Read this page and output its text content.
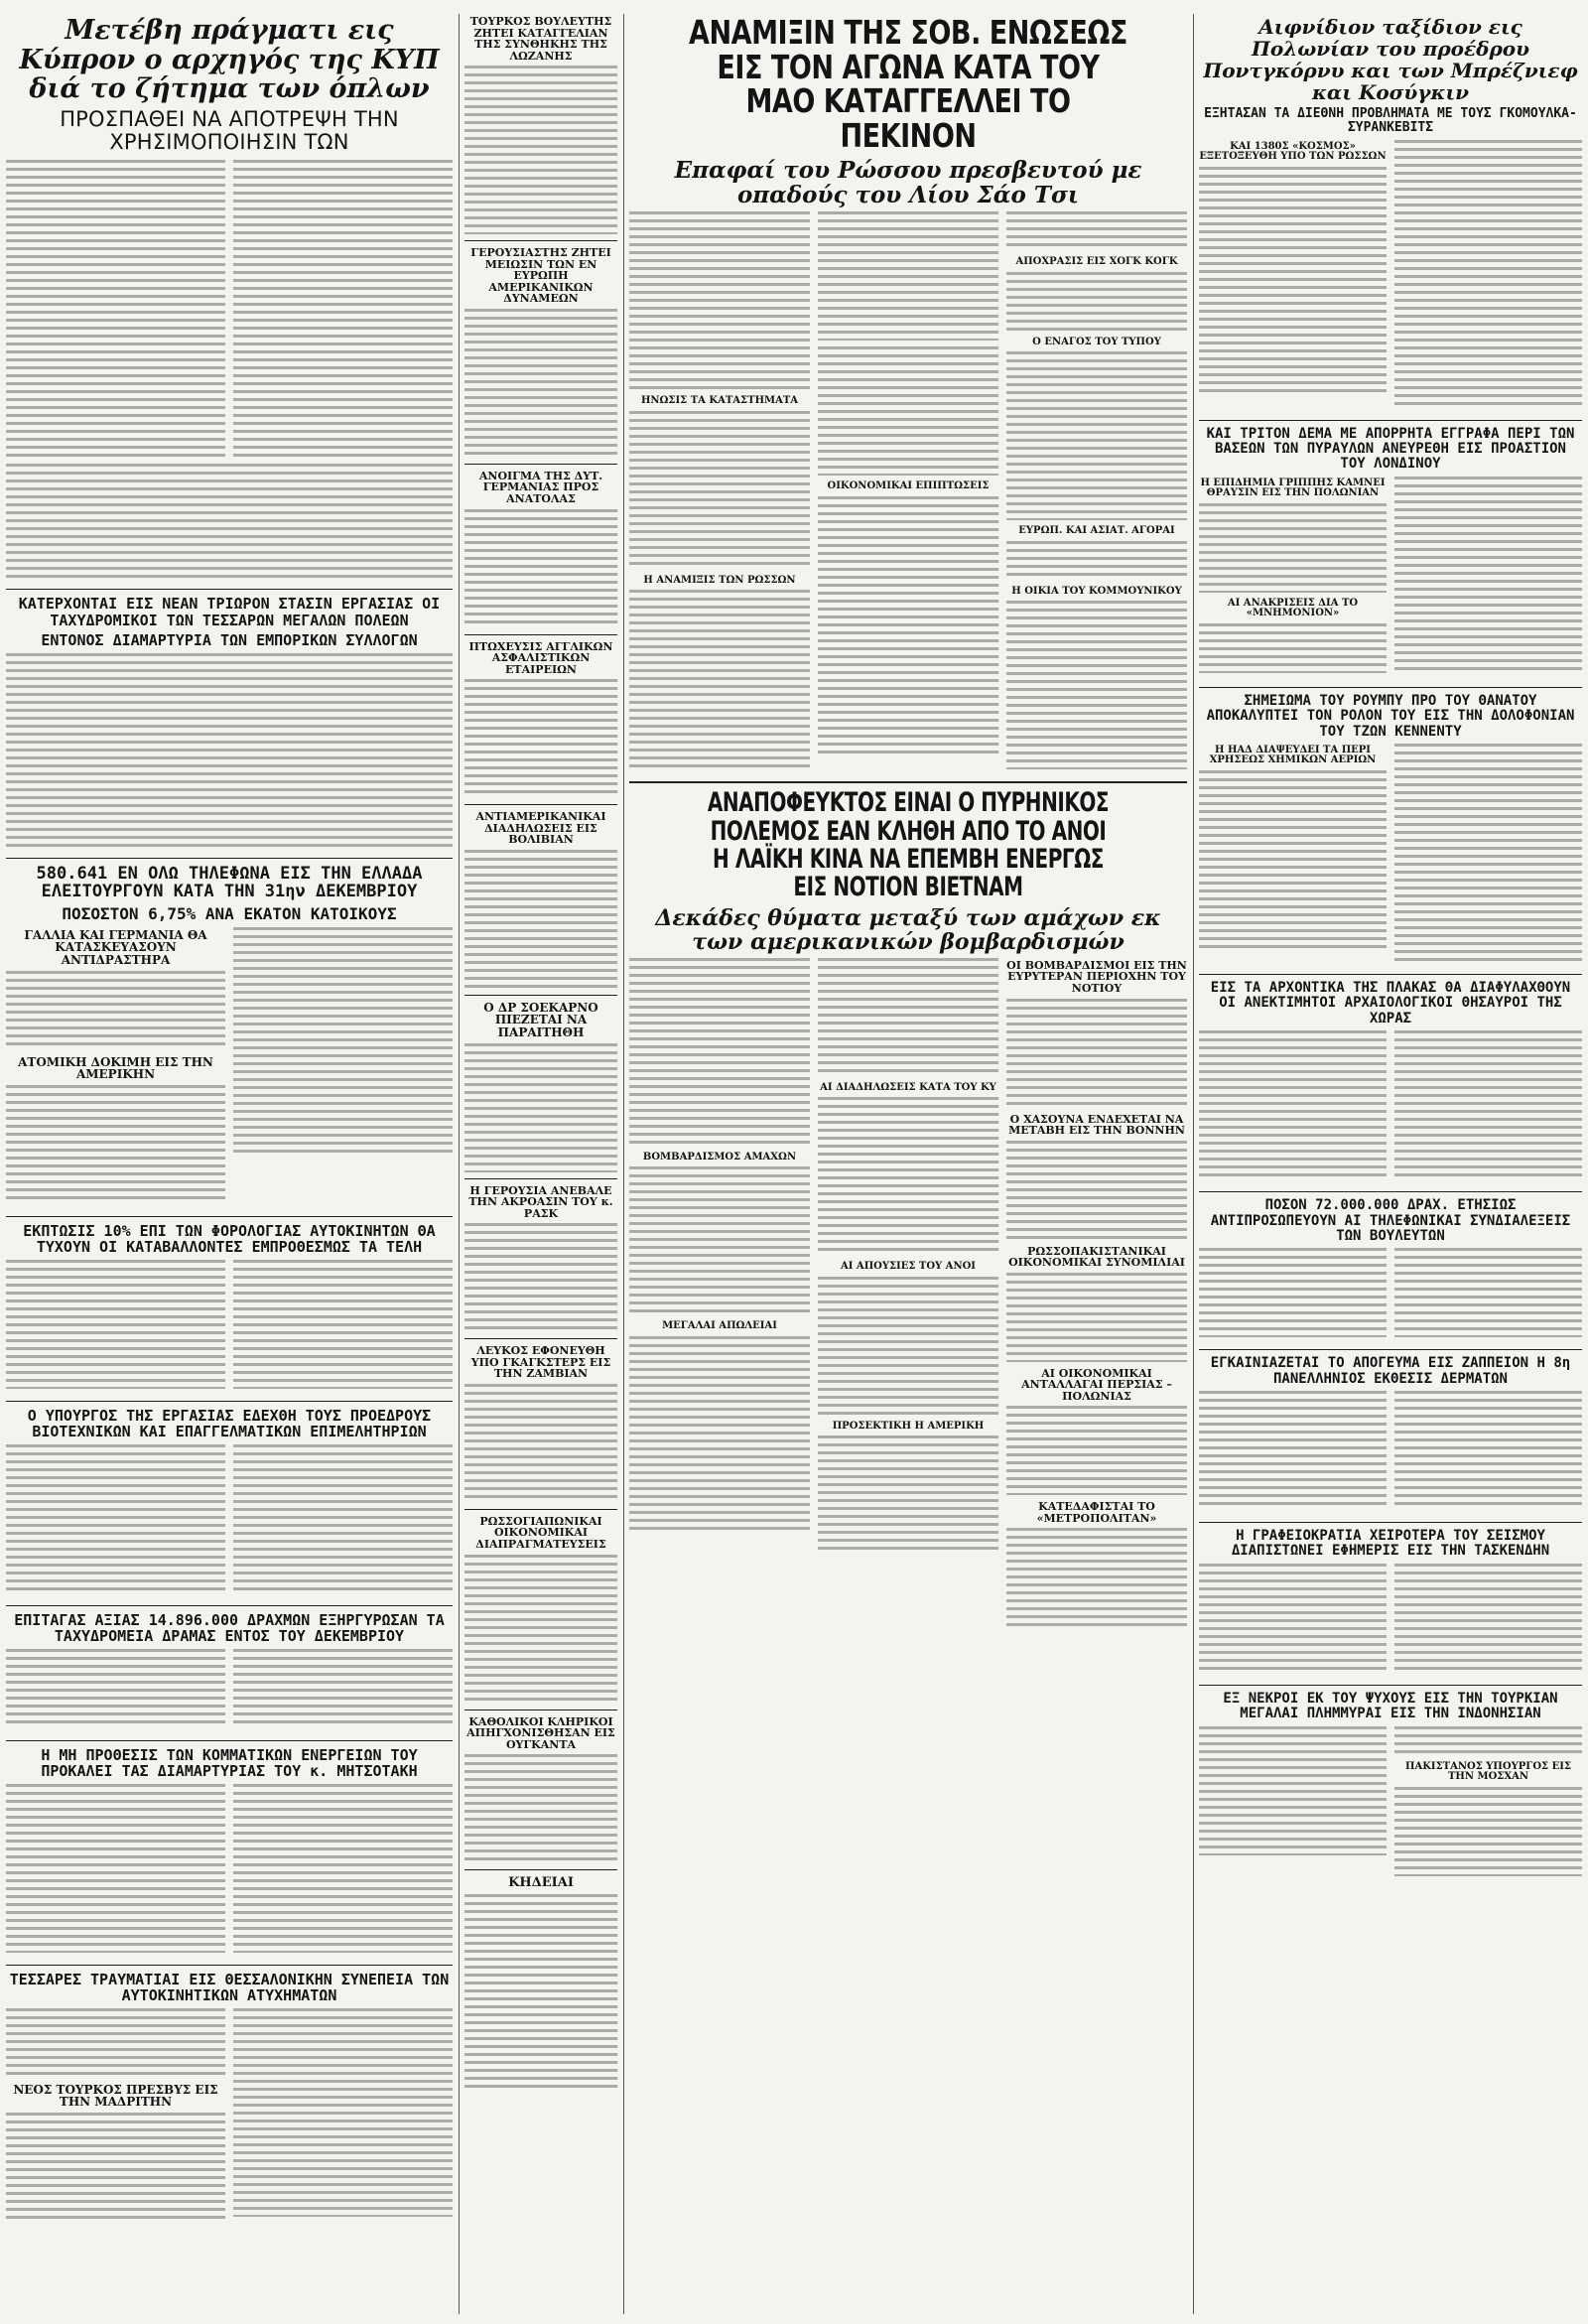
Μετέβη πράγματι εις Κύπρον ο αρχηγός της ΚΥΠ διά το ζήτημα των όπλων
ΠΡΟΣΠΑΘΕΙ ΝΑ ΑΠΟΤΡΕΨΗ ΤΗΝ ΧΡΗΣΙΜΟΠΟΙΗΣΙΝ ΤΩΝ
ΚΑΤΕΡΧΟΝΤΑΙ ΕΙΣ ΝΕΑΝ ΤΡΙΩΡΟΝ ΣΤΑΣΙΝ ΕΡΓΑΣΙΑΣ ΟΙ ΤΑΧΥΔΡΟΜΙΚΟΙ ΤΩΝ ΤΕΣΣΑΡΩΝ ΜΕΓΑΛΩΝ ΠΟΛΕΩΝ
ΕΝΤΟΝΟΣ ΔΙΑΜΑΡΤΥΡΙΑ ΤΩΝ ΕΜΠΟΡΙΚΩΝ ΣΥΛΛΟΓΩΝ
580.641 ΕΝ ΟΛΩ ΤΗΛΕΦΩΝΑ ΕΙΣ ΤΗΝ ΕΛΛΑΔΑ ΕΛΕΙΤΟΥΡΓΟΥΝ ΚΑΤΑ ΤΗΝ 31ην ΔΕΚΕΜΒΡΙΟΥ
ΠΟΣΟΣΤΟΝ 6,75% ΑΝΑ ΕΚΑΤΟΝ ΚΑΤΟΙΚΟΥΣ
ΓΑΛΛΙΑ ΚΑΙ ΓΕΡΜΑΝΙΑ ΘΑ ΚΑΤΑΣΚΕΥΑΣΟΥΝ ΑΝΤΙΔΡΑΣΤΗΡΑ
ΑΤΟΜΙΚΗ ΔΟΚΙΜΗ ΕΙΣ ΤΗΝ ΑΜΕΡΙΚΗΝ
ΕΚΠΤΩΣΙΣ 10% ΕΠΙ ΤΩΝ ΦΟΡΟΛΟΓΙΑΣ ΑΥΤΟΚΙΝΗΤΩΝ ΘΑ ΤΥΧΟΥΝ ΟΙ ΚΑΤΑΒΑΛΛΟΝΤΕΣ ΕΜΠΡΟΘΕΣΜΩΣ ΤΑ ΤΕΛΗ
Ο ΥΠΟΥΡΓΟΣ ΤΗΣ ΕΡΓΑΣΙΑΣ ΕΔΕΧΘΗ ΤΟΥΣ ΠΡΟΕΔΡΟΥΣ ΒΙΟΤΕΧΝΙΚΩΝ ΚΑΙ ΕΠΑΓΓΕΛΜΑΤΙΚΩΝ ΕΠΙΜΕΛΗΤΗΡΙΩΝ
ΕΠΙΤΑΓΑΣ ΑΞΙΑΣ 14.896.000 ΔΡΑΧΜΩΝ ΕΞΗΡΓΥΡΩΣΑΝ ΤΑ ΤΑΧΥΔΡΟΜΕΙΑ ΔΡΑΜΑΣ ΕΝΤΟΣ ΤΟΥ ΔΕΚΕΜΒΡΙΟΥ
Η ΜΗ ΠΡΟΘΕΣΙΣ ΤΩΝ ΚΟΜΜΑΤΙΚΩΝ ΕΝΕΡΓΕΙΩΝ ΤΟΥ ΠΡΟΚΑΛΕΙ ΤΑΣ ΔΙΑΜΑΡΤΥΡΙΑΣ ΤΟΥ κ. ΜΗΤΣΟΤΑΚΗ
ΤΕΣΣΑΡΕΣ ΤΡΑΥΜΑΤΙΑΙ ΕΙΣ ΘΕΣΣΑΛΟΝΙΚΗΝ ΣΥΝΕΠΕΙΑ ΤΩΝ ΑΥΤΟΚΙΝΗΤΙΚΩΝ ΑΤΥΧΗΜΑΤΩΝ
ΝΕΟΣ ΤΟΥΡΚΟΣ ΠΡΕΣΒΥΣ ΕΙΣ ΤΗΝ ΜΑΔΡΙΤΗΝ
ΤΟΥΡΚΟΣ ΒΟΥΛΕΥΤΗΣ ΖΗΤΕΙ ΚΑΤΑΓΓΕΛΙΑΝ ΤΗΣ ΣΥΝΘΗΚΗΣ ΤΗΣ ΛΩΖΑΝΗΣ
ΓΕΡΟΥΣΙΑΣΤΗΣ ΖΗΤΕΙ ΜΕΙΩΣΙΝ ΤΩΝ ΕΝ ΕΥΡΩΠΗ ΑΜΕΡΙΚΑΝΙΚΩΝ ΔΥΝΑΜΕΩΝ
ΑΝΟΙΓΜΑ ΤΗΣ ΔΥΤ. ΓΕΡΜΑΝΙΑΣ ΠΡΟΣ ΑΝΑΤΟΛΑΣ
ΠΤΩΧΕΥΣΙΣ ΑΓΓΛΙΚΩΝ ΑΣΦΑΛΙΣΤΙΚΩΝ ΕΤΑΙΡΕΙΩΝ
ΑΝΤΙΑΜΕΡΙΚΑΝΙΚΑΙ ΔΙΑΔΗΛΩΣΕΙΣ ΕΙΣ ΒΟΛΙΒΙΑΝ
Ο ΔΡ ΣΟΕΚΑΡΝΟ ΠΙΕΖΕΤΑΙ ΝΑ ΠΑΡΑΙΤΗΘΗ
Η ΓΕΡΟΥΣΙΑ ΑΝΕΒΑΛΕ ΤΗΝ ΑΚΡΟΑΣΙΝ ΤΟΥ κ. ΡΑΣΚ
ΛΕΥΚΟΣ ΕΦΟΝΕΥΘΗ ΥΠΟ ΓΚΑΓΚΣΤΕΡΣ ΕΙΣ ΤΗΝ ΖΑΜΒΙΑΝ
ΡΩΣΣΟΓΙΑΠΩΝΙΚΑΙ ΟΙΚΟΝΟΜΙΚΑΙ ΔΙΑΠΡΑΓΜΑΤΕΥΣΕΙΣ
ΚΑΘΟΛΙΚΟΙ ΚΛΗΡΙΚΟΙ ΑΠΗΓΧΟΝΙΣΘΗΣΑΝ ΕΙΣ ΟΥΓΚΑΝΤΑ
ΚΗΔΕΙΑΙ
ΑΝΑΜΙΞΙΝ ΤΗΣ ΣΟΒ. ΕΝΩΣΕΩΣ ΕΙΣ ΤΟΝ ΑΓΩΝΑ ΚΑΤΑ ΤΟΥ ΜΑΟ ΚΑΤΑΓΓΕΛΛΕΙ ΤΟ ΠΕΚΙΝΟΝ
Επαφαί του Ρώσσου πρεσβευτού με οπαδούς του Λίου Σάο Τσι
ΗΝΩΣΙΣ ΤΑ ΚΑΤΑΣΤΗΜΑΤΑ
Η ΑΝΑΜΙΞΙΣ ΤΩΝ ΡΩΣΣΩΝ
ΟΙΚΟΝΟΜΙΚΑΙ ΕΠΙΠΤΩΣΕΙΣ
ΑΠΟΧΡΑΣΙΣ ΕΙΣ ΧΟΓΚ ΚΟΓΚ
Ο ΕΝΑΓΟΣ ΤΟΥ ΤΥΠΟΥ
ΕΥΡΩΠ. ΚΑΙ ΑΣΙΑΤ. ΑΓΟΡΑΙ
Η ΟΙΚΙΑ ΤΟΥ ΚΟΜΜΟΥΝΙΚΟΥ
ΑΝΑΠΟΦΕΥΚΤΟΣ ΕΙΝΑΙ Ο ΠΥΡΗΝΙΚΟΣ ΠΟΛΕΜΟΣ ΕΑΝ ΚΛΗΘΗ ΑΠΟ ΤΟ ΑΝΟΙ Η ΛΑΪΚΗ ΚΙΝΑ ΝΑ ΕΠΕΜΒΗ ΕΝΕΡΓΩΣ ΕΙΣ ΝΟΤΙΟΝ ΒΙΕΤΝΑΜ
Δεκάδες θύματα μεταξύ των αμάχων εκ των αμερικανικών βομβαρδισμών
ΒΟΜΒΑΡΔΙΣΜΟΣ ΑΜΑΧΩΝ
ΜΕΓΑΛΑΙ ΑΠΩΛΕΙΑΙ
ΑΙ ΔΙΑΔΗΛΩΣΕΙΣ ΚΑΤΑ ΤΟΥ ΚΥ
ΑΙ ΑΠΟΥΣΙΕΣ ΤΟΥ ΑΝΟΙ
ΠΡΟΣΕΚΤΙΚΗ Η ΑΜΕΡΙΚΗ
ΟΙ ΒΟΜΒΑΡΔΙΣΜΟΙ ΕΙΣ ΤΗΝ ΕΥΡΥΤΕΡΑΝ ΠΕΡΙΟΧΗΝ ΤΟΥ ΝΟΤΙΟΥ
Ο ΧΑΣΟΥΝΑ ΕΝΔΕΧΕΤΑΙ ΝΑ ΜΕΤΑΒΗ ΕΙΣ ΤΗΝ ΒΟΝΝΗΝ
ΡΩΣΣΟΠΑΚΙΣΤΑΝΙΚΑΙ ΟΙΚΟΝΟΜΙΚΑΙ ΣΥΝΟΜΙΛΙΑΙ
ΑΙ ΟΙΚΟΝΟΜΙΚΑΙ ΑΝΤΑΛΛΑΓΑΙ ΠΕΡΣΙΑΣ – ΠΟΛΩΝΙΑΣ
ΚΑΤΕΔΑΦΙΣΤΑΙ ΤΟ «ΜΕΤΡΟΠΟΛΙΤΑΝ»
Αιφνίδιον ταξίδιον εις Πολωνίαν του προέδρου Ποντγκόρνυ και των Μπρέζνιεφ και Κοσύγκιν
ΕΞΗΤΑΣΑΝ ΤΑ ΔΙΕΘΝΗ ΠΡΟΒΛΗΜΑΤΑ ΜΕ ΤΟΥΣ ΓΚΟΜΟΥΛΚΑ-ΣΥΡΑΝΚΕΒΙΤΣ
ΚΑΙ 1380Σ «ΚΟΣΜΟΣ» ΕΞΕΤΟΞΕΥΘΗ ΥΠΟ ΤΩΝ ΡΩΣΣΩΝ
ΚΑΙ ΤΡΙΤΟΝ ΔΕΜΑ ΜΕ ΑΠΟΡΡΗΤΑ ΕΓΓΡΑΦΑ ΠΕΡΙ ΤΩΝ ΒΑΣΕΩΝ ΤΩΝ ΠΥΡΑΥΛΩΝ ΑΝΕΥΡΕΘΗ ΕΙΣ ΠΡΟΑΣΤΙΟΝ ΤΟΥ ΛΟΝΔΙΝΟΥ
Η ΕΠΙΔΗΜΙΑ ΓΡΙΠΠΗΣ ΚΑΜΝΕΙ ΘΡΑΥΣΙΝ ΕΙΣ ΤΗΝ ΠΟΛΩΝΙΑΝ
ΑΙ ΑΝΑΚΡΙΣΕΙΣ ΔΙΑ ΤΟ «ΜΝΗΜΟΝΙΟΝ»
ΣΗΜΕΙΩΜΑ ΤΟΥ ΡΟΥΜΠΥ ΠΡΟ ΤΟΥ ΘΑΝΑΤΟΥ ΑΠΟΚΑΛΥΠΤΕΙ ΤΟΝ ΡΟΛΟΝ ΤΟΥ ΕΙΣ ΤΗΝ ΔΟΛΟΦΟΝΙΑΝ ΤΟΥ ΤΖΩΝ ΚΕΝΝΕΝΤΥ
Η ΗΑΔ ΔΙΑΨΕΥΔΕΙ ΤΑ ΠΕΡΙ ΧΡΗΣΕΩΣ ΧΗΜΙΚΩΝ ΑΕΡΙΩΝ
ΕΙΣ ΤΑ ΑΡΧΟΝΤΙΚΑ ΤΗΣ ΠΛΑΚΑΣ ΘΑ ΔΙΑΦΥΛΑΧΘΟΥΝ ΟΙ ΑΝΕΚΤΙΜΗΤΟΙ ΑΡΧΑΙΟΛΟΓΙΚΟΙ ΘΗΣΑΥΡΟΙ ΤΗΣ ΧΩΡΑΣ
ΠΟΣΟΝ 72.000.000 ΔΡΑΧ. ΕΤΗΣΙΩΣ ΑΝΤΙΠΡΟΣΩΠΕΥΟΥΝ ΑΙ ΤΗΛΕΦΩΝΙΚΑΙ ΣΥΝΔΙΑΛΕΞΕΙΣ ΤΩΝ ΒΟΥΛΕΥΤΩΝ
ΕΓΚΑΙΝΙΑΖΕΤΑΙ ΤΟ ΑΠΟΓΕΥΜΑ ΕΙΣ ΖΑΠΠΕΙΟΝ Η 8η ΠΑΝΕΛΛΗΝΙΟΣ ΕΚΘΕΣΙΣ ΔΕΡΜΑΤΩΝ
Η ΓΡΑΦΕΙΟΚΡΑΤΙΑ ΧΕΙΡΟΤΕΡΑ ΤΟΥ ΣΕΙΣΜΟΥ ΔΙΑΠΙΣΤΩΝΕΙ ΕΦΗΜΕΡΙΣ ΕΙΣ ΤΗΝ ΤΑΣΚΕΝΔΗΝ
ΕΞ ΝΕΚΡΟΙ ΕΚ ΤΟΥ ΨΥΧΟΥΣ ΕΙΣ ΤΗΝ ΤΟΥΡΚΙΑΝ ΜΕΓΑΛΑΙ ΠΛΗΜΜΥΡΑΙ ΕΙΣ ΤΗΝ ΙΝΔΟΝΗΣΙΑΝ
ΠΑΚΙΣΤΑΝΟΣ ΥΠΟΥΡΓΟΣ ΕΙΣ ΤΗΝ ΜΟΣΧΑΝ
